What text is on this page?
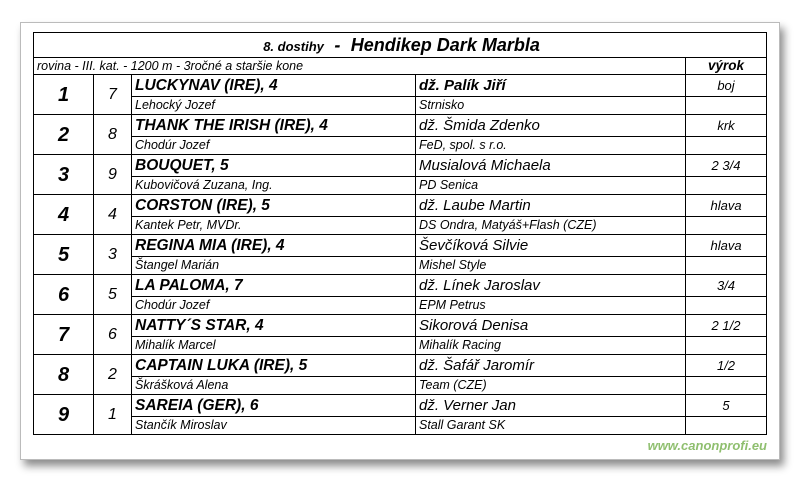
8. dostihy - Hendikep Dark Marbla				
rovina - III. kat. - 1200 m - 3ročné a staršie kone				výrok
1	7	LUCKYNAV (IRE), 4	dž. Palík Jiří	boj
		Lehocký Jozef	Strnisko	
2	8	THANK THE IRISH (IRE), 4	dž. Šmida Zdenko	krk
		Chodúr Jozef	FeD, spol. s r.o.	
3	9	BOUQUET, 5	Musialová Michaela	2 3/4
		Kubovičová Zuzana, Ing.	PD Senica	
4	4	CORSTON (IRE), 5	dž. Laube Martin	hlava
		Kantek Petr, MVDr.	DS Ondra, Matyáš+Flash (CZE)	
5	3	REGINA MIA (IRE), 4	Ševčíková Silvie	hlava
		Štangel Marián	Mishel Style	
6	5	LA PALOMA, 7	dž. Línek Jaroslav	3/4
		Chodúr Jozef	EPM Petrus	
7	6	NATTY´S STAR, 4	Sikorová Denisa	2 1/2
		Mihalík Marcel	Mihalík Racing	
8	2	CAPTAIN LUKA (IRE), 5	dž. Šafář Jaromír	1/2
		Škrášková Alena	Team (CZE)	
9	1	SAREIA (GER), 6	dž. Verner Jan	5
		Stančík Miroslav	Stall Garant SK	
www.canonprofi.eu
